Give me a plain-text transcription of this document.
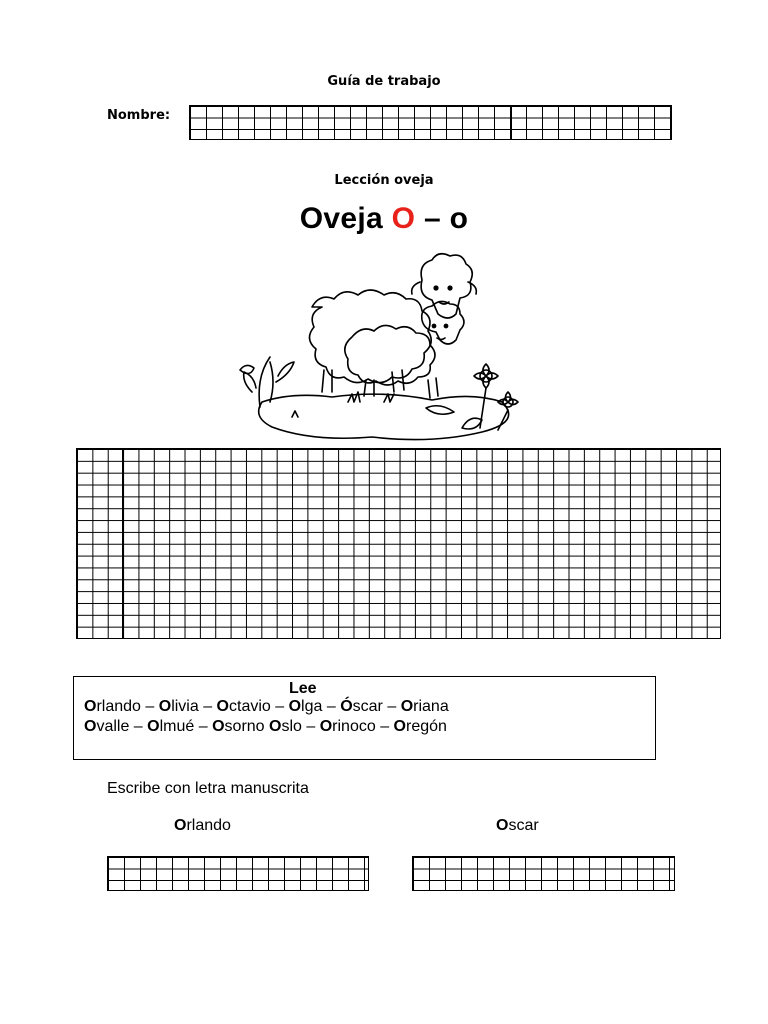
Guía de trabajo
Nombre:
Lección oveja
Oveja O – o
Lee
Orlando – Olivia – Octavio – Olga – Óscar – Oriana
Ovalle – Olmué – Osorno Oslo – Orinoco – Oregón
Escribe con letra manuscrita
Orlando	Oscar
